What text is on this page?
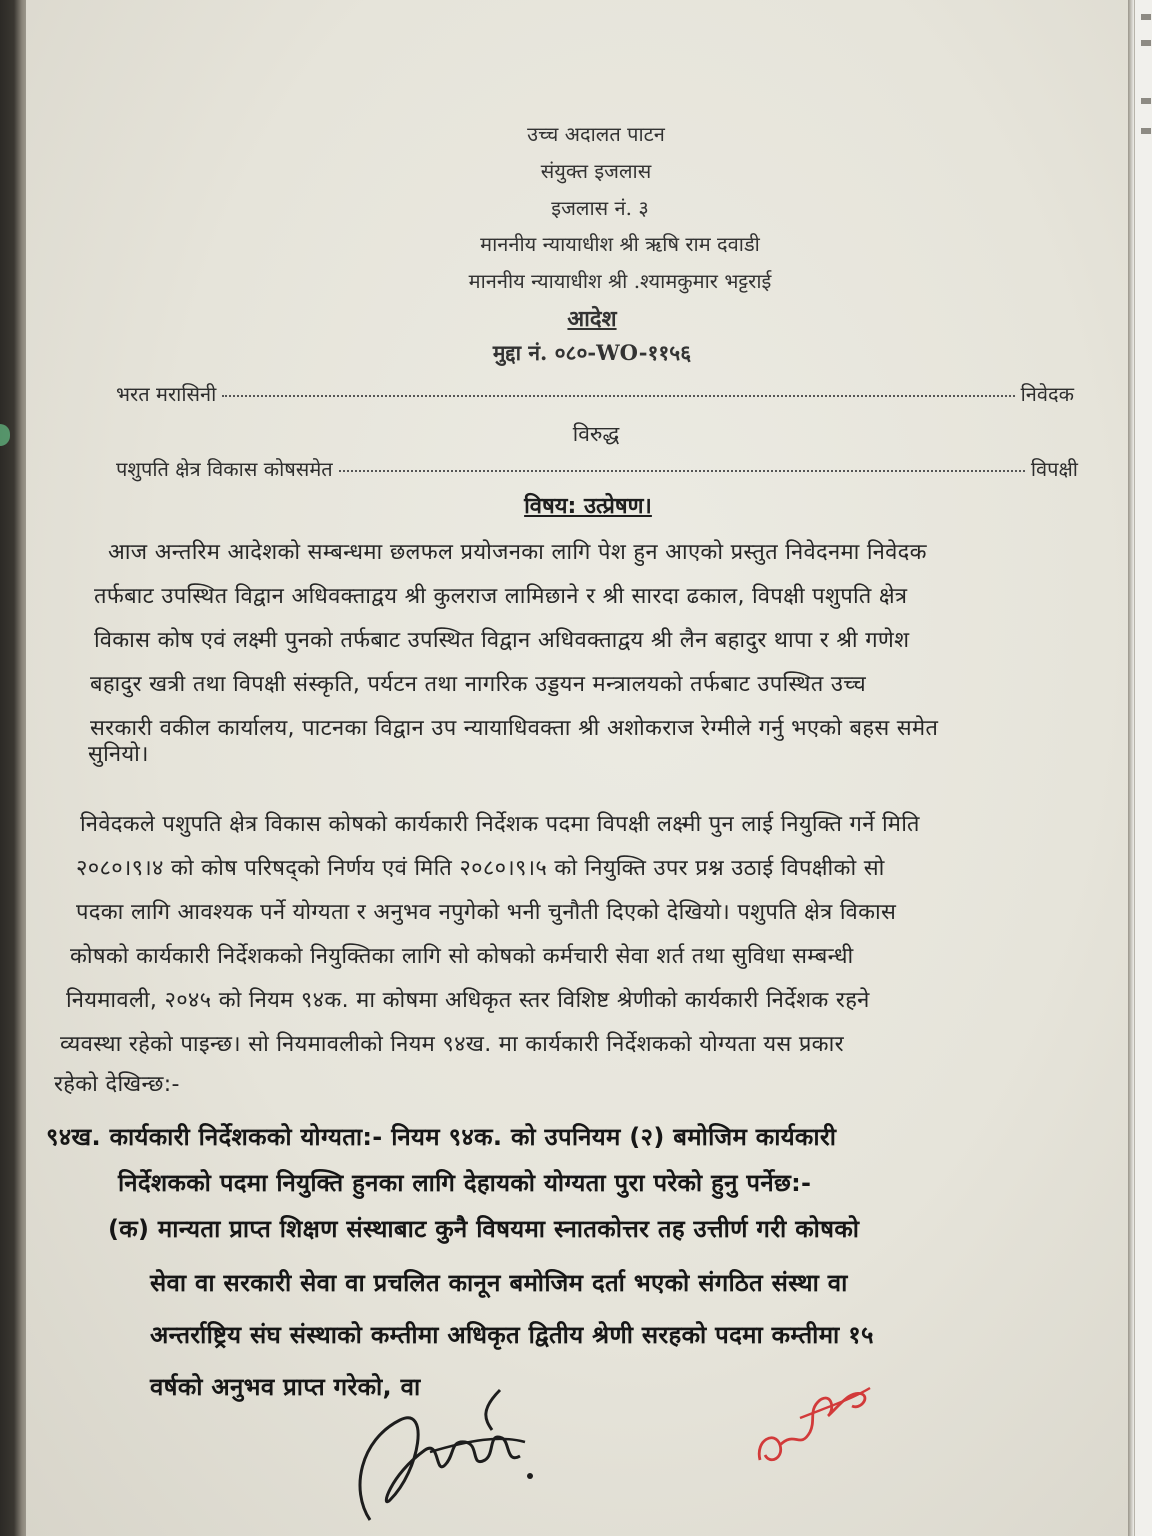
उच्च अदालत पाटन
संयुक्त इजलास
इजलास नं. ३
माननीय न्यायाधीश श्री ऋषि राम दवाडी
माननीय न्यायाधीश श्री .श्यामकुमार भट्टराई
आदेश
मुद्दा नं. ०८०-WO-११५६
भरत मरासिनी	निवेदक
विरुद्ध
पशुपति क्षेत्र विकास कोषसमेत	विपक्षी
विषय: उत्प्रेषण।
आज अन्तरिम आदेशको सम्बन्धमा छलफल प्रयोजनका लागि पेश हुन आएको प्रस्तुत निवेदनमा निवेदक
तर्फबाट उपस्थित विद्वान अधिवक्ताद्वय श्री कुलराज लामिछाने र श्री सारदा ढकाल, विपक्षी पशुपति क्षेत्र
विकास कोष एवं लक्ष्मी पुनको तर्फबाट उपस्थित विद्वान अधिवक्ताद्वय श्री लैन बहादुर थापा र श्री गणेश
बहादुर खत्री तथा विपक्षी संस्कृति, पर्यटन तथा नागरिक उड्डयन मन्त्रालयको तर्फबाट उपस्थित उच्च
सरकारी वकील कार्यालय, पाटनका विद्वान उप न्यायाधिवक्ता श्री अशोकराज रेग्मीले गर्नु भएको बहस समेत
सुनियो।
निवेदकले पशुपति क्षेत्र विकास कोषको कार्यकारी निर्देशक पदमा विपक्षी लक्ष्मी पुन लाई नियुक्ति गर्ने मिति
२०८०।९।४ को कोष परिषद्को निर्णय एवं मिति २०८०।९।५ को नियुक्ति उपर प्रश्न उठाई विपक्षीको सो
पदका लागि आवश्यक पर्ने योग्यता र अनुभव नपुगेको भनी चुनौती दिएको देखियो। पशुपति क्षेत्र विकास
कोषको कार्यकारी निर्देशकको नियुक्तिका लागि सो कोषको कर्मचारी सेवा शर्त तथा सुविधा सम्बन्धी
नियमावली, २०४५ को नियम ९४क. मा कोषमा अधिकृत स्तर विशिष्ट श्रेणीको कार्यकारी निर्देशक रहने
व्यवस्था रहेको पाइन्छ। सो नियमावलीको नियम ९४ख. मा कार्यकारी निर्देशकको योग्यता यस प्रकार
रहेको देखिन्छ:-
९४ख. कार्यकारी निर्देशकको योग्यता:- नियम ९४क. को उपनियम (२) बमोजिम कार्यकारी
निर्देशकको पदमा नियुक्ति हुनका लागि देहायको योग्यता पुरा परेको हुनु पर्नेछ:-
(क) मान्यता प्राप्त शिक्षण संस्थाबाट कुनै विषयमा स्नातकोत्तर तह उत्तीर्ण गरी कोषको
सेवा वा सरकारी सेवा वा प्रचलित कानून बमोजिम दर्ता भएको संगठित संस्था वा
अन्तर्राष्ट्रिय संघ संस्थाको कम्तीमा अधिकृत द्वितीय श्रेणी सरहको पदमा कम्तीमा १५
वर्षको अनुभव प्राप्त गरेको, वा
